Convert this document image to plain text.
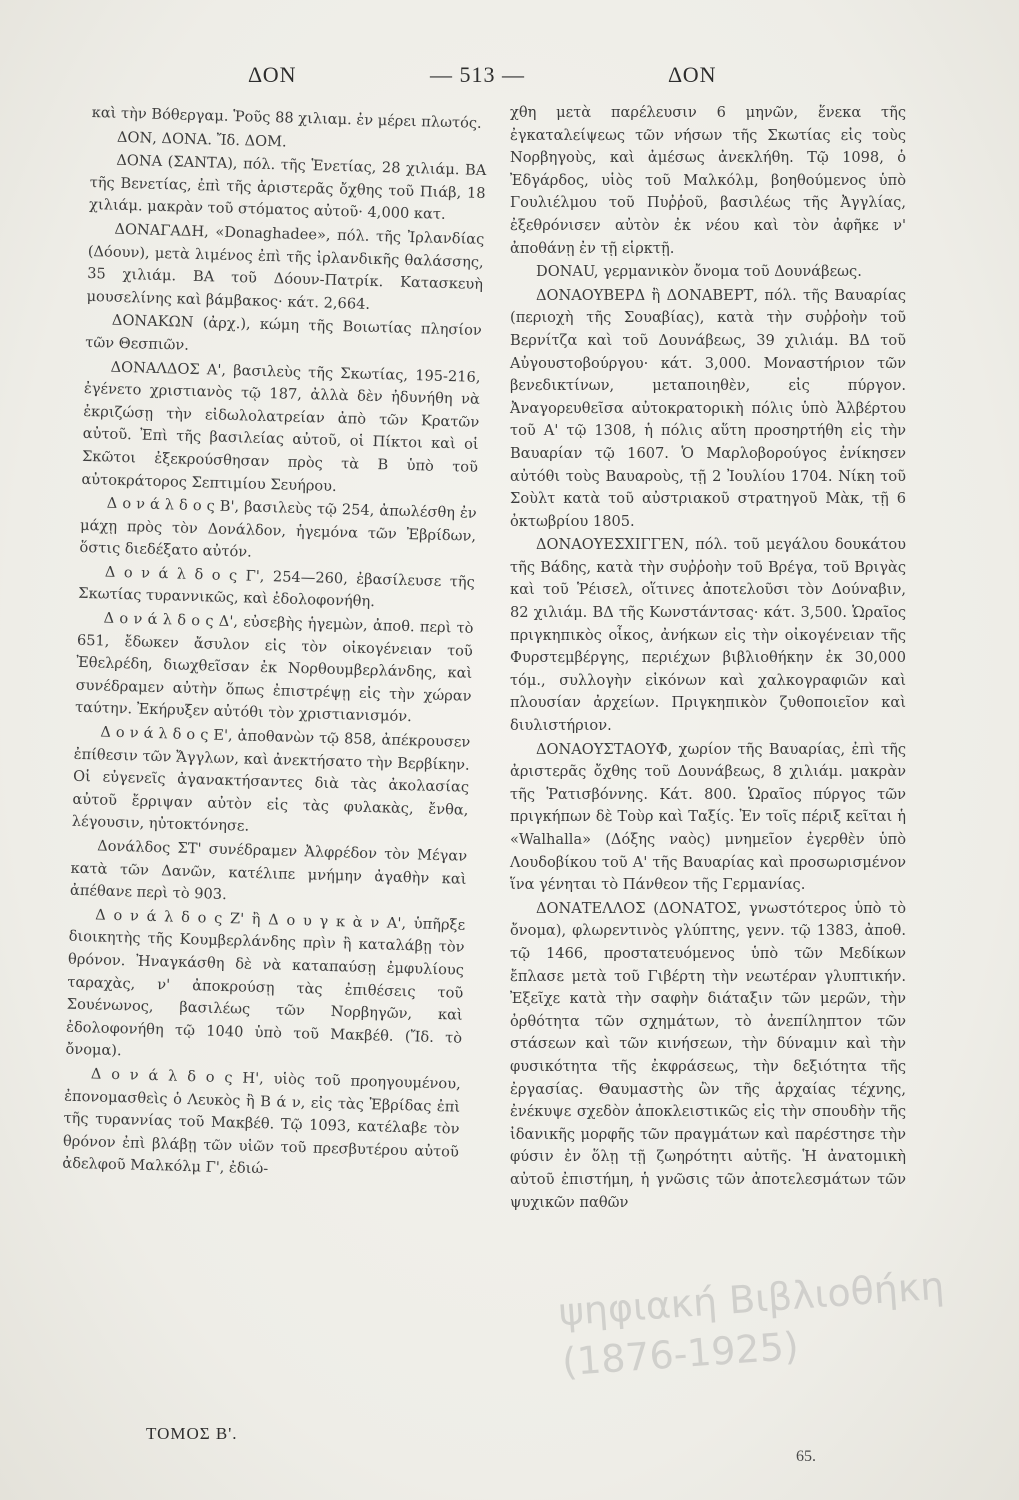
ΔΟΝ	— 513 —	ΔΟΝ

καὶ τὴν Βόθεργαμ. Ῥοῦς 88 χιλιαμ. ἐν μέρει πλωτός.

ΔΟΝ, ΔΟΝΑ. Ἴδ. ΔΟΜ.

ΔΟΝΑ (ΣΑΝΤΑ), πόλ. τῆς Ἑνετίας, 28 χιλιάμ. ΒΑ τῆς Βενετίας, ἐπὶ τῆς ἀριστερᾶς ὄχθης τοῦ Πιάβ, 18 χιλιάμ. μακρὰν τοῦ στόματος αὐτοῦ· 4,000 κατ.

ΔΟΝΑΓΑΔΗ, «Donaghadee», πόλ. τῆς Ἰρλανδίας (Δόουν), μετὰ λιμένος ἐπὶ τῆς ἰρλανδικῆς θαλάσσης, 35 χιλιάμ. ΒΑ τοῦ Δόουν-Πατρίκ. Κατασκευὴ μουσελίνης καὶ βάμβακος· κάτ. 2,664.

ΔΟΝΑΚΩΝ (ἀρχ.), κώμη τῆς Βοιωτίας πλησίον τῶν Θεσπιῶν.

ΔΟΝΑΛΔΟΣ Α', βασιλεὺς τῆς Σκωτίας, 195-216, ἐγένετο χριστιανὸς τῷ 187, ἀλλὰ δὲν ἠδυνήθη νὰ ἐκριζώσῃ τὴν εἰδωλολατρείαν ἀπὸ τῶν Κρατῶν αὐτοῦ. Ἐπὶ τῆς βασιλείας αὐτοῦ, οἱ Πίκτοι καὶ οἱ Σκῶτοι ἐξεκρούσθησαν πρὸς τὰ Β ὑπὸ τοῦ αὐτοκράτορος Σεπτιμίου Σευήρου.

Δ ο ν ά λ δ ο ς Β', βασιλεὺς τῷ 254, ἀπωλέσθη ἐν μάχῃ πρὸς τὸν Δονάλδον, ἡγεμόνα τῶν Ἐβρίδων, ὅστις διεδέξατο αὐτόν.

Δ ο ν ά λ δ ο ς Γ', 254—260, ἐβασίλευσε τῆς Σκωτίας τυραννικῶς, καὶ ἐδολοφονήθη.

Δ ο ν ά λ δ ο ς Δ', εὐσεβὴς ἡγεμὼν, ἀποθ. περὶ τὸ 651, ἔδωκεν ἄσυλον εἰς τὸν οἰκογένειαν τοῦ Ἐθελρέδη, διωχθεῖσαν ἐκ Νορθουμβερλάνδης, καὶ συνέδραμεν αὐτὴν ὅπως ἐπιστρέψῃ εἰς τὴν χώραν ταύτην. Ἐκήρυξεν αὐτόθι τὸν χριστιανισμόν.

Δ ο ν ά λ δ ο ς Ε', ἀποθανὼν τῷ 858, ἀπέκρουσεν ἐπίθεσιν τῶν Ἄγγλων, καὶ ἀνεκτήσατο τὴν Βερβίκην. Οἱ εὐγενεῖς ἀγανακτήσαντες διὰ τὰς ἀκολασίας αὐτοῦ ἔρριψαν αὐτὸν εἰς τὰς φυλακὰς, ἔνθα, λέγουσιν, ηὐτοκτόνησε.

Δονάλδος ΣΤ' συνέδραμεν Ἀλφρέδον τὸν Μέγαν κατὰ τῶν Δανῶν, κατέλιπε μνήμην ἀγαθὴν καὶ ἀπέθανε περὶ τὸ 903.

Δ ο ν ά λ δ ο ς Ζ' ἢ Δ ο υ γ κ ὰ ν Α', ὑπῆρξε διοικητὴς τῆς Κουμβερλάνδης πρὶν ἢ καταλάβῃ τὸν θρόνον. Ἠναγκάσθη δὲ νὰ καταπαύσῃ ἐμφυλίους ταραχὰς, ν' ἀποκρούσῃ τὰς ἐπιθέσεις τοῦ Σουένωνος, βασιλέως τῶν Νορβηγῶν, καὶ ἐδολοφονήθη τῷ 1040 ὑπὸ τοῦ Μακβέθ. (Ἴδ. τὸ ὄνομα).

Δ ο ν ά λ δ ο ς Η', υἱὸς τοῦ προηγουμένου, ἐπονομασθεὶς ὁ Λευκὸς ἢ Β ά ν, εἰς τὰς Ἐβρίδας ἐπὶ τῆς τυραννίας τοῦ Μακβέθ. Τῷ 1093, κατέλαβε τὸν θρόνον ἐπὶ βλάβῃ τῶν υἱῶν τοῦ πρεσβυτέρου αὐτοῦ ἀδελφοῦ Μαλκόλμ Γ', ἐδιώ-

χθη μετὰ παρέλευσιν 6 μηνῶν, ἕνεκα τῆς ἐγκαταλείψεως τῶν νήσων τῆς Σκωτίας εἰς τοὺς Νορβηγοὺς, καὶ ἀμέσως ἀνεκλήθη. Τῷ 1098, ὁ Ἐδγάρδος, υἱὸς τοῦ Μαλκόλμ, βοηθούμενος ὑπὸ Γουλιέλμου τοῦ Πυῤῥοῦ, βασιλέως τῆς Ἀγγλίας, ἐξεθρόνισεν αὐτὸν ἐκ νέου καὶ τὸν ἀφῆκε ν' ἀποθάνῃ ἐν τῇ εἱρκτῇ.

DONAU, γερμανικὸν ὄνομα τοῦ Δουνάβεως.

ΔΟΝΑΟΥΒΕΡΔ ἢ ΔΟΝΑΒΕΡΤ, πόλ. τῆς Βαυαρίας (περιοχὴ τῆς Σουαβίας), κατὰ τὴν συῤῥοὴν τοῦ Βερνίτζα καὶ τοῦ Δουνάβεως, 39 χιλιάμ. ΒΔ τοῦ Αὐγουστοβούργου· κάτ. 3,000. Μοναστήριον τῶν βενεδικτίνων, μεταποιηθὲν, εἰς πύργον. Ἀναγορευθεῖσα αὐτοκρατορικὴ πόλις ὑπὸ Ἀλβέρτου τοῦ Α' τῷ 1308, ἡ πόλις αὕτη προσηρτήθη εἰς τὴν Βαυαρίαν τῷ 1607. Ὁ Μαρλοβορούγος ἐνίκησεν αὐτόθι τοὺς Βαυαροὺς, τῇ 2 Ἰουλίου 1704. Νίκη τοῦ Σοὺλτ κατὰ τοῦ αὐστριακοῦ στρατηγοῦ Μὰκ, τῇ 6 ὀκτωβρίου 1805.

ΔΟΝΑΟΥΕΣΧΙΓΓΕΝ, πόλ. τοῦ μεγάλου δουκάτου τῆς Βάδης, κατὰ τὴν συῤῥοὴν τοῦ Βρέγα, τοῦ Βριγὰς καὶ τοῦ Ῥέισελ, οἵτινες ἀποτελοῦσι τὸν Δούναβιν, 82 χιλιάμ. ΒΔ τῆς Κωνστάντσας· κάτ. 3,500. Ὡραῖος πριγκηπικὸς οἶκος, ἀνήκων εἰς τὴν οἰκογένειαν τῆς Φυρστεμβέργης, περιέχων βιβλιοθήκην ἐκ 30,000 τόμ., συλλογὴν εἰκόνων καὶ χαλκογραφιῶν καὶ πλουσίαν ἀρχείων. Πριγκηπικὸν ζυθοποιεῖον καὶ διυλιστήριον.

ΔΟΝΑΟΥΣΤΑΟΥΦ, χωρίον τῆς Βαυαρίας, ἐπὶ τῆς ἀριστερᾶς ὄχθης τοῦ Δουνάβεως, 8 χιλιάμ. μακρὰν τῆς Ῥατισβόννης. Κάτ. 800. Ὡραῖος πύργος τῶν πριγκήπων δὲ Τοὺρ καὶ Ταξίς. Ἐν τοῖς πέριξ κεῖται ἡ «Walhalla» (Δόξης ναὸς) μνημεῖον ἐγερθὲν ὑπὸ Λουδοβίκου τοῦ Α' τῆς Βαυαρίας καὶ προσωρισμένον ἵνα γένηται τὸ Πάνθεον τῆς Γερμανίας.

ΔΟΝΑΤΕΛΛΟΣ (ΔΟΝΑΤΟΣ, γνωστότερος ὑπὸ τὸ ὄνομα), φλωρεντινὸς γλύπτης, γενν. τῷ 1383, ἀποθ. τῷ 1466, προστατευόμενος ὑπὸ τῶν Μεδίκων ἔπλασε μετὰ τοῦ Γιβέρτη τὴν νεωτέραν γλυπτικήν. Ἐξεῖχε κατὰ τὴν σαφὴν διάταξιν τῶν μερῶν, τὴν ὀρθότητα τῶν σχημάτων, τὸ ἀνεπίληπτον τῶν στάσεων καὶ τῶν κινήσεων, τὴν δύναμιν καὶ τὴν φυσικότητα τῆς ἐκφράσεως, τὴν δεξιότητα τῆς ἐργασίας. Θαυμαστὴς ὢν τῆς ἀρχαίας τέχνης, ἐνέκυψε σχεδὸν ἀποκλειστικῶς εἰς τὴν σπουδὴν τῆς ἰδανικῆς μορφῆς τῶν πραγμάτων καὶ παρέστησε τὴν φύσιν ἐν ὅλῃ τῇ ζωηρότητι αὐτῆς. Ἡ ἀνατομικὴ αὐτοῦ ἐπιστήμη, ἡ γνῶσις τῶν ἀποτελεσμάτων τῶν ψυχικῶν παθῶν

ψηφιακή Βιβλιοθήκη
(1876-1925)
ΤΟΜΟΣ Β'.
65.
